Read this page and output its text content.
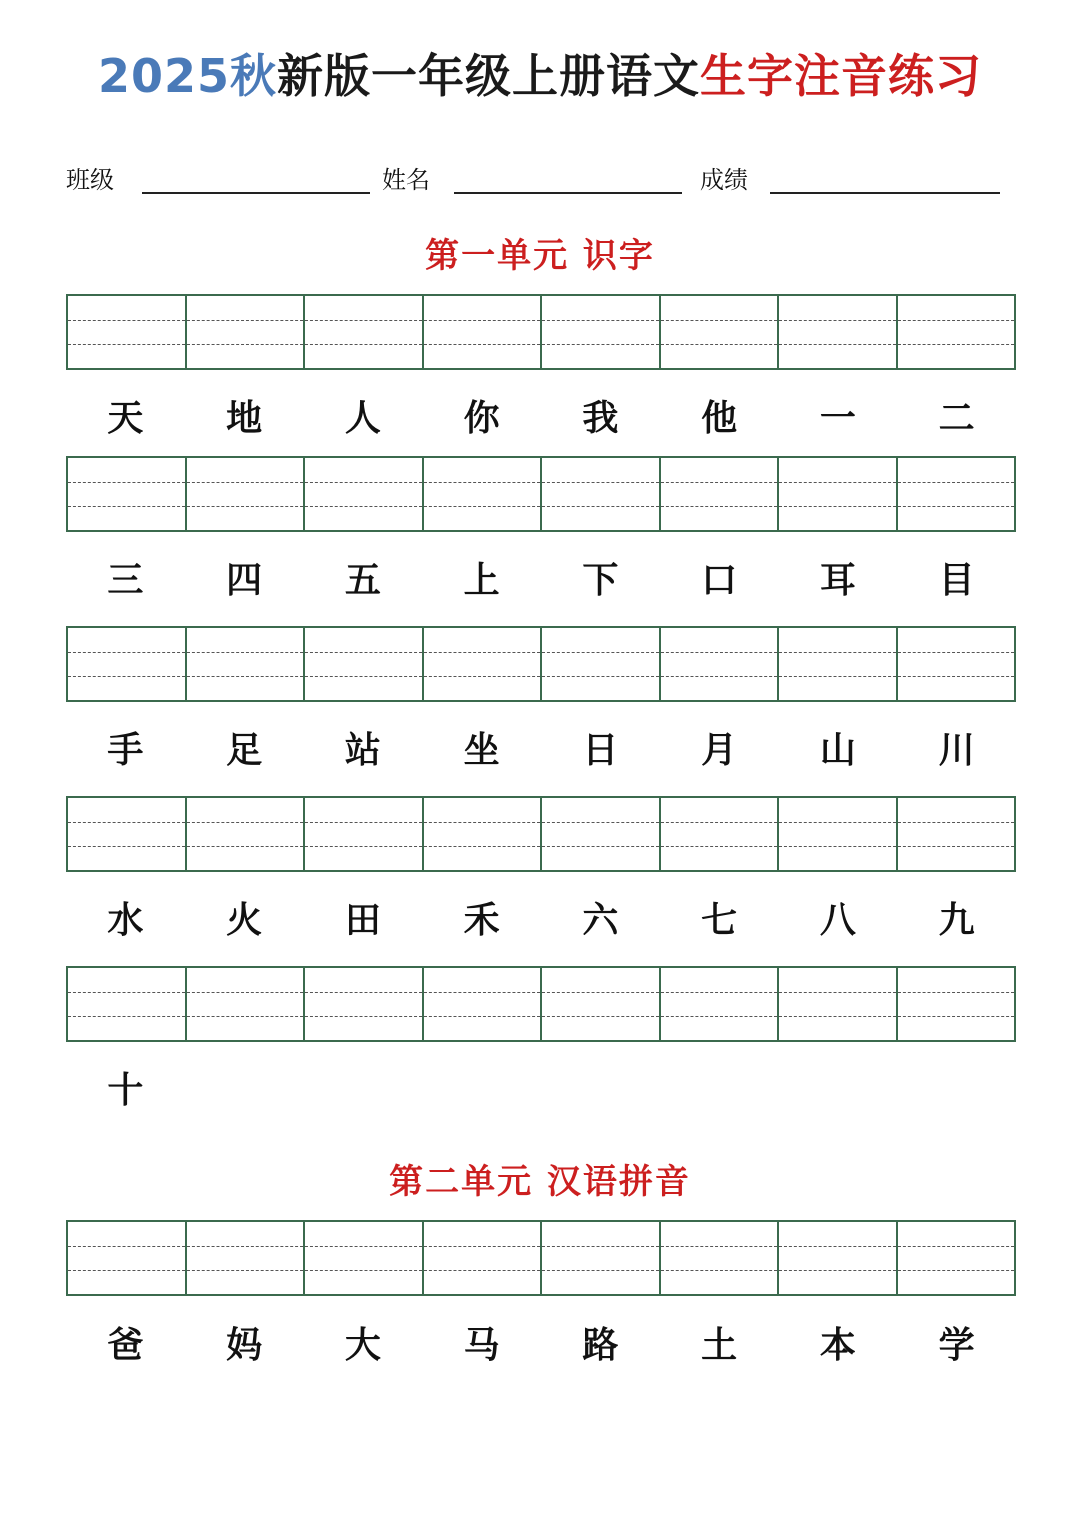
2025秋新版一年级上册语文生字注音练习
班级	姓名	成绩
第一单元 识字
天	地	人	你	我	他	一	二
三	四	五	上	下	口	耳	目
手	足	站	坐	日	月	山	川
水	火	田	禾	六	七	八	九
十
第二单元 汉语拼音
爸	妈	大	马	路	土	本	学
